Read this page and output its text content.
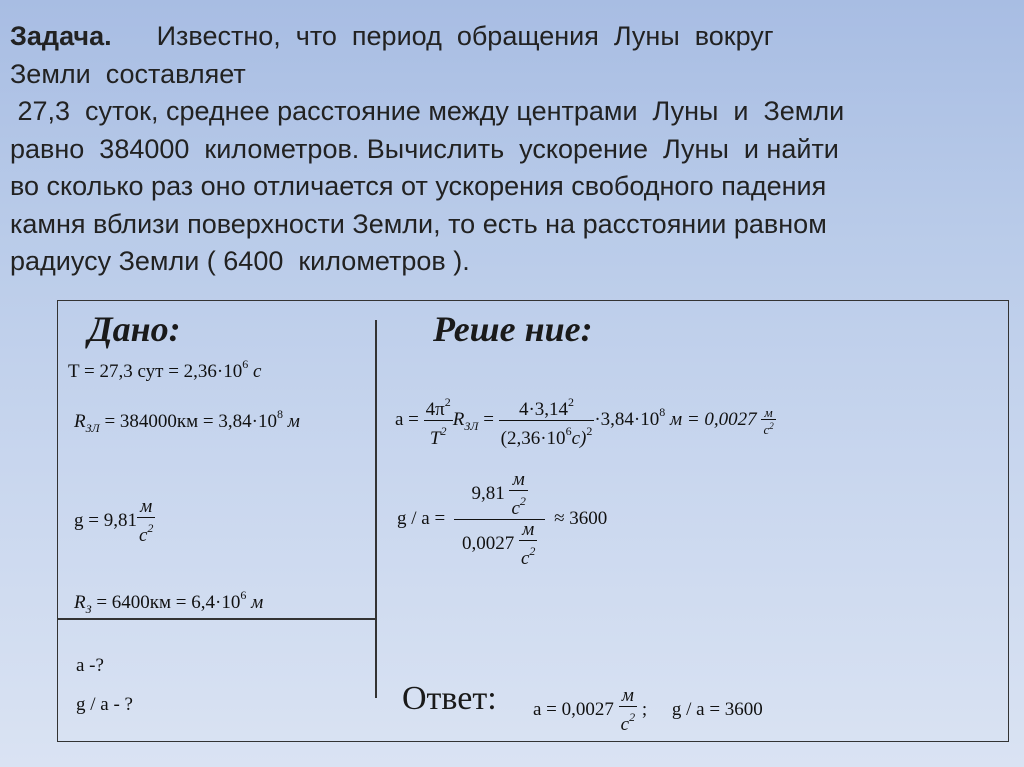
Задача. Известно,  что  период  обращения  Луны  вокруг
Земли  составляет
27,3  суток, среднее расстояние между центрами  Луны  и  Земли
равно  384000  километров. Вычислить  ускорение  Луны  и найти
во сколько раз оно отличается от ускорения свободного падения
камня вблизи поверхности Земли, то есть на расстоянии равном
радиусу Земли ( 6400  километров ).
Дано:
T = 27,3 сут = $2,36\cdot 10^6$ с
$R_{ЗЛ} = 384000км = 3,84\cdot 10^8$ м
$g = 9,81 \frac{м}{с^2}$
$R_З = 6400км = 6,4\cdot 10^6$ м
a -?
g / a - ?
Реше ние:
$a = \frac{4\pi^2}{T^2} R_{ЗЛ} = \frac{4\cdot 3,14^2}{(2,36\cdot 10^6с)^2} \cdot 3,84\cdot 10^8$ $м = 0,0027 \frac{м}{с^2}$
$g / a = \frac{9,81 \frac{м}{с^2}}{0,0027 \frac{м}{с^2}} \approx 3600$
Ответ: $a = 0,0027 \frac{м}{с^2}$ ; g / a = 3600
